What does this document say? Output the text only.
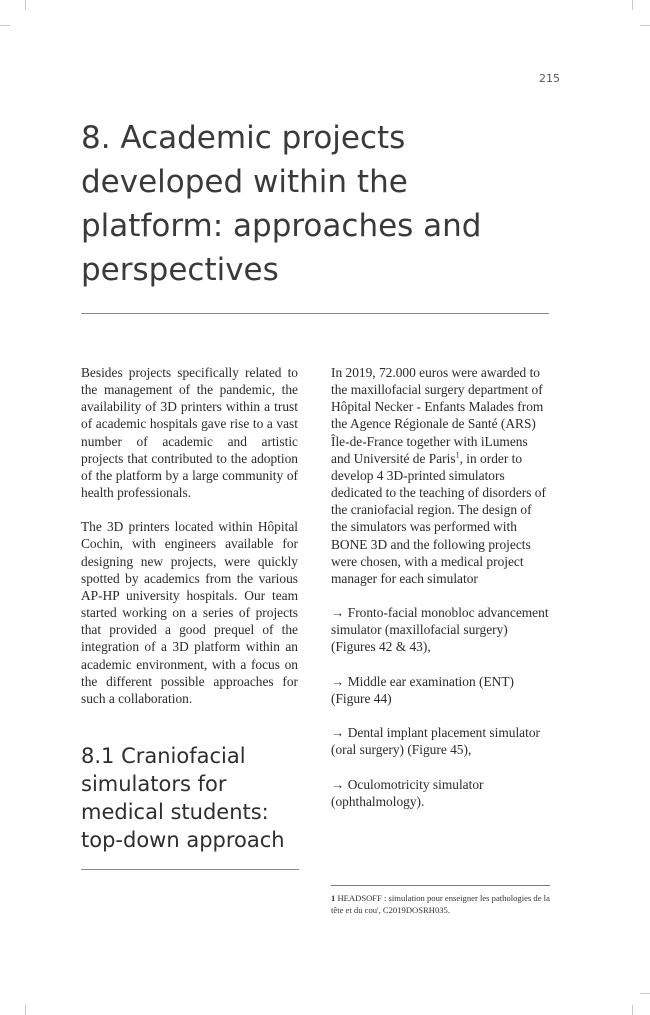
215
8. Academic projects developed within the platform: approaches and perspectives

Besides projects specifically related to the management of the pandemic, the availability of 3D printers within a trust of academic hospitals gave rise to a vast number of academic and artistic projects that contributed to the adoption of the platform by a large community of health professionals.

The 3D printers located within Hôpital Cochin, with engineers available for designing new projects, were quickly spotted by academics from the various AP-HP university hospitals. Our team started working on a series of projects that provided a good prequel of the integration of a 3D platform within an academic environment, with a focus on the different possible approaches for such a collaboration.

8.1 Craniofacial simulators for medical students: top-down approach

In 2019, 72.000 euros were awarded to the maxillofacial surgery department of Hôpital Necker - Enfants Malades from the Agence Régionale de Santé (ARS) Île-de-France together with iLumens and Université de Paris$^1$, in order to develop 4 3D-printed simulators dedicated to the teaching of disorders of the craniofacial region. The design of the simulators was performed with BONE 3D and the following projects were chosen, with a medical project manager for each simulator

→ Fronto-facial monobloc advancement simulator (maxillofacial surgery) (Figures 42 & 43),
→ Middle ear examination (ENT) (Figure 44)
→ Dental implant placement simulator (oral surgery) (Figure 45),
→ Oculomotricity simulator (ophthalmology).
1 HEADSOFF : simulation pour enseigner les pathologies de la tête et du cou', C2019DOSRH035.
